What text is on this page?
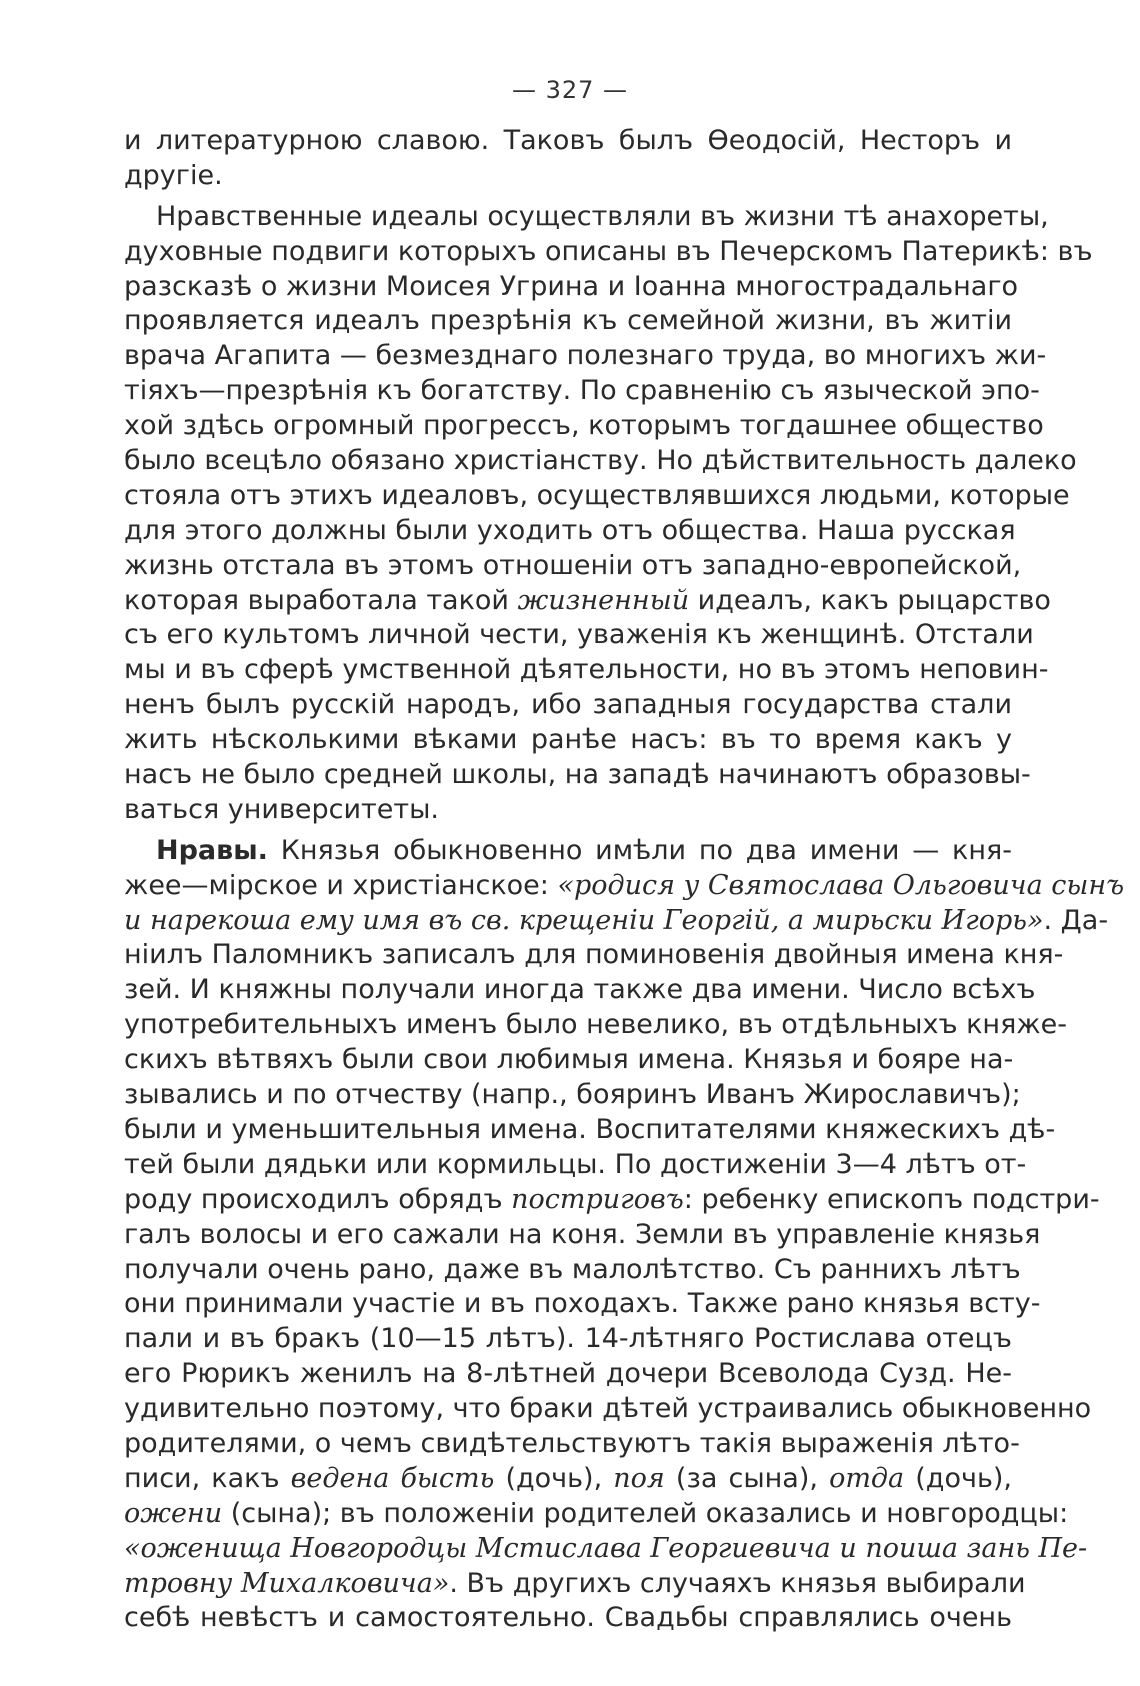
— 327 —
и литературною славою. Таковъ былъ Ѳеодосій, Несторъ и
другіе.
Нравственные идеалы осуществляли въ жизни тѣ анахореты,
духовные подвиги которыхъ описаны въ Печерскомъ Патерикѣ: въ
разсказѣ о жизни Моисея Угрина и Іоанна многострадальнаго
проявляется идеалъ презрѣнія къ семейной жизни, въ житіи
врача Агапита — безмезднаго полезнаго труда, во многихъ жи-
тіяхъ—презрѣнія къ богатству. По сравненію съ языческой эпо-
хой здѣсь огромный прогрессъ, которымъ тогдашнее общество
было всецѣло обязано христіанству. Но дѣйствительность далеко
стояла отъ этихъ идеаловъ, осуществлявшихся людьми, которые
для этого должны были уходить отъ общества. Наша русская
жизнь отстала въ этомъ отношеніи отъ западно-европейской,
которая выработала такой жизненный идеалъ, какъ рыцарство
съ его культомъ личной чести, уваженія къ женщинѣ. Отстали
мы и въ сферѣ умственной дѣятельности, но въ этомъ неповин-
ненъ былъ русскій народъ, ибо западныя государства стали
жить нѣсколькими вѣками ранѣе насъ: въ то время какъ у
насъ не было средней школы, на западѣ начинаютъ образовы-
ваться университеты.
Нравы. Князья обыкновенно имѣли по два имени — кня-
жее—мірское и христіанское: «родися у Святослава Ольговича сынъ
и нарекоша ему имя въ св. крещеніи Георгій, а мирьски Игорь». Да-
ніилъ Паломникъ записалъ для поминовенія двойныя имена кня-
зей. И княжны получали иногда также два имени. Число всѣхъ
употребительныхъ именъ было невелико, въ отдѣльныхъ княже-
скихъ вѣтвяхъ были свои любимыя имена. Князья и бояре на-
зывались и по отчеству (напр., бояринъ Иванъ Жирославичъ);
были и уменьшительныя имена. Воспитателями княжескихъ дѣ-
тей были дядьки или кормильцы. По достиженіи 3—4 лѣтъ от-
роду происходилъ обрядъ постриговъ: ребенку епископъ подстри-
галъ волосы и его сажали на коня. Земли въ управленіе князья
получали очень рано, даже въ малолѣтство. Съ раннихъ лѣтъ
они принимали участіе и въ походахъ. Также рано князья всту-
пали и въ бракъ (10—15 лѣтъ). 14-лѣтняго Ростислава отецъ
его Рюрикъ женилъ на 8-лѣтней дочери Всеволода Сузд. Не-
удивительно поэтому, что браки дѣтей устраивались обыкновенно
родителями, о чемъ свидѣтельствуютъ такія выраженія лѣто-
писи, какъ ведена бысть (дочь), поя (за сына), отда (дочь),
ожени (сына); въ положеніи родителей оказались и новгородцы:
«оженища Новгородцы Мстислава Георгиевича и поиша зань Пе-
тровну Михалковича». Въ другихъ случаяхъ князья выбирали
себѣ невѣстъ и самостоятельно. Свадьбы справлялись очень
